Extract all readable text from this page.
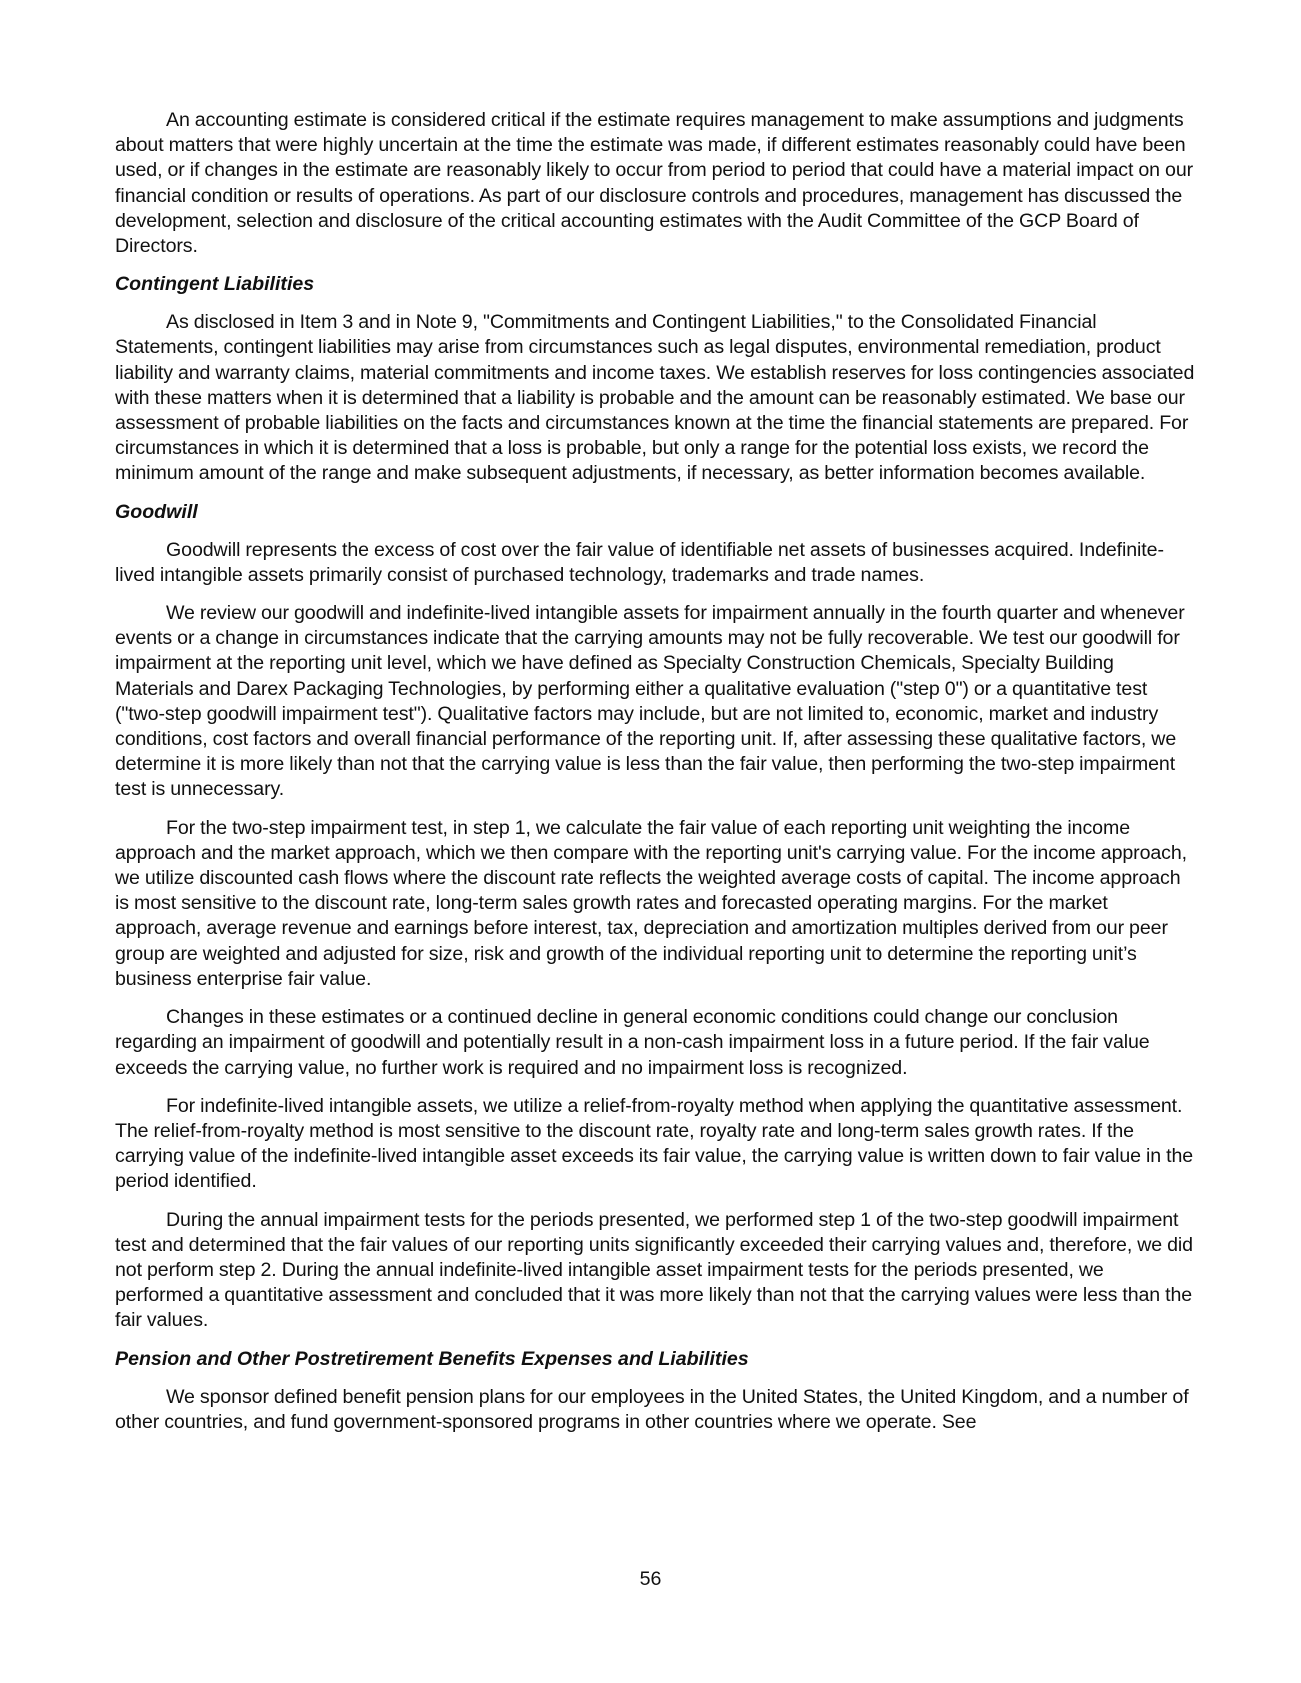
An accounting estimate is considered critical if the estimate requires management to make assumptions and judgments about matters that were highly uncertain at the time the estimate was made, if different estimates reasonably could have been used, or if changes in the estimate are reasonably likely to occur from period to period that could have a material impact on our financial condition or results of operations. As part of our disclosure controls and procedures, management has discussed the development, selection and disclosure of the critical accounting estimates with the Audit Committee of the GCP Board of Directors.

Contingent Liabilities

As disclosed in Item 3 and in Note 9, "Commitments and Contingent Liabilities," to the Consolidated Financial Statements, contingent liabilities may arise from circumstances such as legal disputes, environmental remediation, product liability and warranty claims, material commitments and income taxes. We establish reserves for loss contingencies associated with these matters when it is determined that a liability is probable and the amount can be reasonably estimated. We base our assessment of probable liabilities on the facts and circumstances known at the time the financial statements are prepared. For circumstances in which it is determined that a loss is probable, but only a range for the potential loss exists, we record the minimum amount of the range and make subsequent adjustments, if necessary, as better information becomes available.

Goodwill

Goodwill represents the excess of cost over the fair value of identifiable net assets of businesses acquired. Indefinite-lived intangible assets primarily consist of purchased technology, trademarks and trade names.

We review our goodwill and indefinite-lived intangible assets for impairment annually in the fourth quarter and whenever events or a change in circumstances indicate that the carrying amounts may not be fully recoverable. We test our goodwill for impairment at the reporting unit level, which we have defined as Specialty Construction Chemicals, Specialty Building Materials and Darex Packaging Technologies, by performing either a qualitative evaluation ("step 0") or a quantitative test ("two-step goodwill impairment test"). Qualitative factors may include, but are not limited to, economic, market and industry conditions, cost factors and overall financial performance of the reporting unit. If, after assessing these qualitative factors, we determine it is more likely than not that the carrying value is less than the fair value, then performing the two-step impairment test is unnecessary.

For the two-step impairment test, in step 1, we calculate the fair value of each reporting unit weighting the income approach and the market approach, which we then compare with the reporting unit's carrying value. For the income approach, we utilize discounted cash flows where the discount rate reflects the weighted average costs of capital. The income approach is most sensitive to the discount rate, long-term sales growth rates and forecasted operating margins. For the market approach, average revenue and earnings before interest, tax, depreciation and amortization multiples derived from our peer group are weighted and adjusted for size, risk and growth of the individual reporting unit to determine the reporting unit’s business enterprise fair value.

Changes in these estimates or a continued decline in general economic conditions could change our conclusion regarding an impairment of goodwill and potentially result in a non-cash impairment loss in a future period. If the fair value exceeds the carrying value, no further work is required and no impairment loss is recognized.

For indefinite-lived intangible assets, we utilize a relief-from-royalty method when applying the quantitative assessment. The relief-from-royalty method is most sensitive to the discount rate, royalty rate and long-term sales growth rates. If the carrying value of the indefinite-lived intangible asset exceeds its fair value, the carrying value is written down to fair value in the period identified.

During the annual impairment tests for the periods presented, we performed step 1 of the two-step goodwill impairment test and determined that the fair values of our reporting units significantly exceeded their carrying values and, therefore, we did not perform step 2. During the annual indefinite-lived intangible asset impairment tests for the periods presented, we performed a quantitative assessment and concluded that it was more likely than not that the carrying values were less than the fair values.

Pension and Other Postretirement Benefits Expenses and Liabilities

We sponsor defined benefit pension plans for our employees in the United States, the United Kingdom, and a number of other countries, and fund government-sponsored programs in other countries where we operate. See

56
